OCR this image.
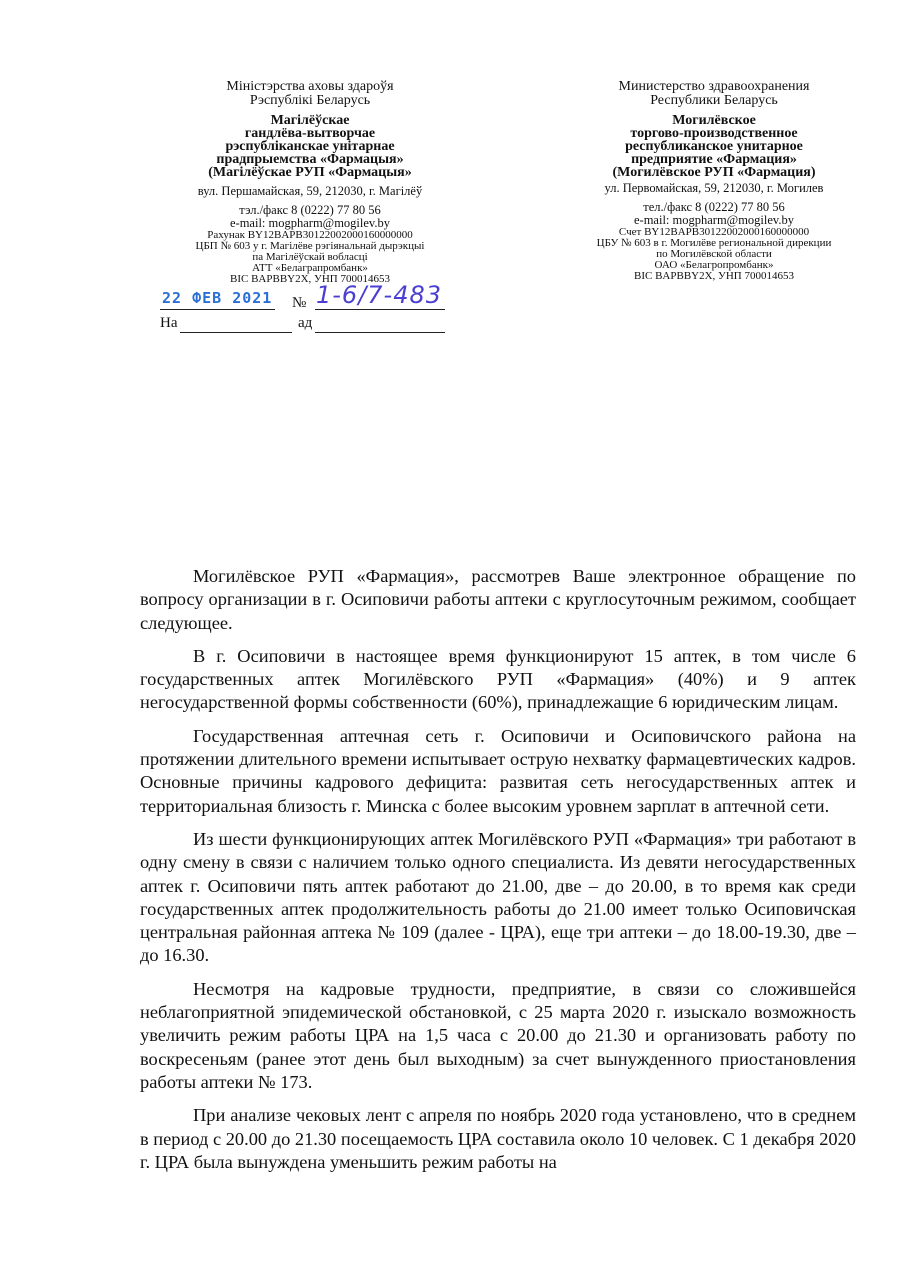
Міністэрства аховы здароўя
Рэспублікі Беларусь
Магілёўскае
гандлёва-вытворчае
рэспубліканскае унітарнае
прадпрыемства «Фармацыя»
(Магілёўскае РУП «Фармацыя»
вул. Першамайская, 59, 212030, г. Магілёў
тэл./факс 8 (0222) 77 80 56
e-mail: mogpharm@mogilev.by
Рахунак BY12BAPB30122002000160000000
ЦБП № 603 у г. Магілёве рэгіянальнай дырэкцыі
па Магілёўскай вобласці
АТТ «Белаграпромбанк»
BIC BAPBBY2X, УНП 700014653
Министерство здравоохранения
Республики Беларусь
Могилёвское
торгово-производственное
республиканское унитарное
предприятие «Фармация»
(Могилёвское РУП «Фармация)
ул. Первомайская, 59, 212030, г. Могилев
тел./факс 8 (0222) 77 80 56
e-mail: mogpharm@mogilev.by
Счет BY12BAPB30122002000160000000
ЦБУ № 603 в г. Могилёве региональной дирекции
по Могилёвской области
ОАО «Белагропромбанк»
BIC BAPBBY2X, УНП 700014653
22 ФЕВ 2021 № 1-6/7-483
На	ад

Могилёвское РУП «Фармация», рассмотрев Ваше электронное обращение по вопросу организации в г. Осиповичи работы аптеки с круглосуточным режимом, сообщает следующее.

В г. Осиповичи в настоящее время функционируют 15 аптек, в том числе 6 государственных аптек Могилёвского РУП «Фармация» (40%) и 9 аптек негосударственной формы собственности (60%), принадлежащие 6 юридическим лицам.

Государственная аптечная сеть г. Осиповичи и Осиповичского района на протяжении длительного времени испытывает острую нехватку фармацевтических кадров. Основные причины кадрового дефицита: развитая сеть негосударственных аптек и территориальная близость г. Минска с более высоким уровнем зарплат в аптечной сети.

Из шести функционирующих аптек Могилёвского РУП «Фармация» три работают в одну смену в связи с наличием только одного специалиста. Из девяти негосударственных аптек г. Осиповичи пять аптек работают до 21.00, две – до 20.00, в то время как среди государственных аптек продолжительность работы до 21.00 имеет только Осиповичская центральная районная аптека № 109 (далее - ЦРА), еще три аптеки – до 18.00-19.30, две – до 16.30.

Несмотря на кадровые трудности, предприятие, в связи со сложившейся неблагоприятной эпидемической обстановкой, с 25 марта 2020 г. изыскало возможность увеличить режим работы ЦРА на 1,5 часа с 20.00 до 21.30 и организовать работу по воскресеньям (ранее этот день был выходным) за счет вынужденного приостановления работы аптеки № 173.

При анализе чековых лент с апреля по ноябрь 2020 года установлено, что в среднем в период с 20.00 до 21.30 посещаемость ЦРА составила около 10 человек. С 1 декабря 2020 г. ЦРА была вынуждена уменьшить режим работы на
